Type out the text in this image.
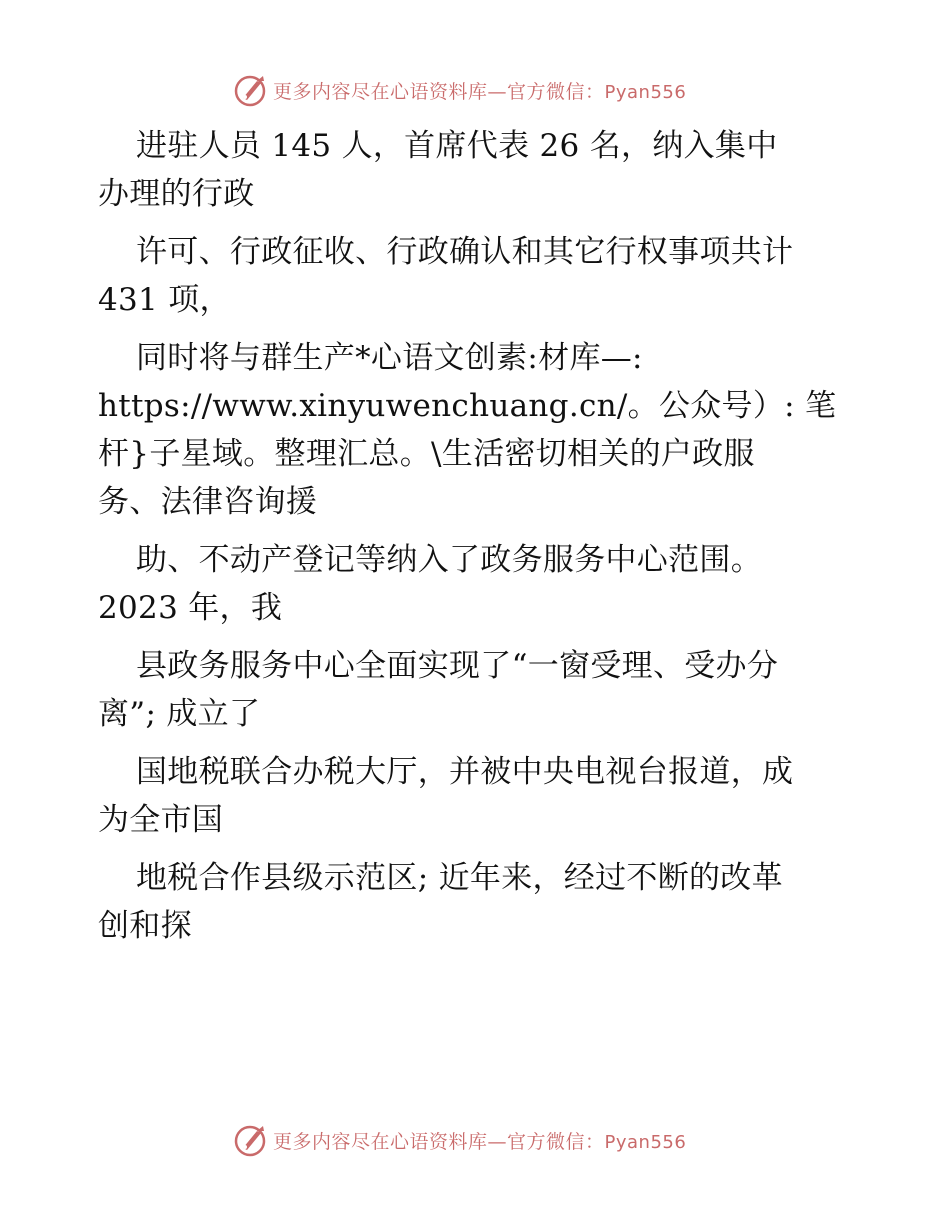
更多内容尽在心语资料库—官方微信：Pyan556
进驻人员 145 人，首席代表 26 名，纳入集中
办理的行政
许可、行政征收、行政确认和其它行权事项共计
431 项，
同时将与群生产*心语文创素:材库—:
https://www.xinyuwenchuang.cn/。公众号）: 笔
杆}子星域。整理汇总。\生活密切相关的户政服
务、法律咨询援
助、不动产登记等纳入了政务服务中心范围。
2023 年，我
县政务服务中心全面实现了“一窗受理、受办分
离”; 成立了
国地税联合办税大厅，并被中央电视台报道，成
为全市国
地税合作县级示范区; 近年来，经过不断的改革
创和探
更多内容尽在心语资料库—官方微信：Pyan556
